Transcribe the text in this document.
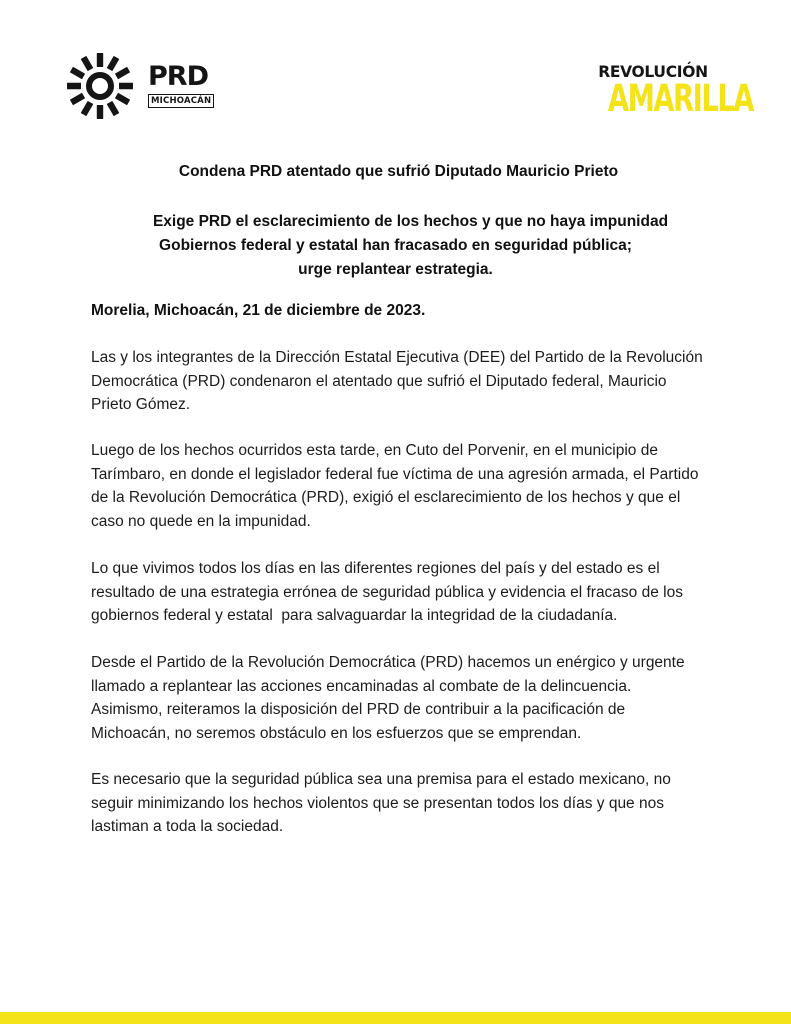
PRD
MICHOACÁN
REVOLUCIÓN
AMARILLA
Condena PRD atentado que sufrió Diputado Mauricio Prieto
Exige PRD el esclarecimiento de los hechos y que no haya impunidad
Gobiernos federal y estatal han fracasado en seguridad pública;
urge replantear estrategia.
Morelia, Michoacán, 21 de diciembre de 2023.
Las y los integrantes de la Dirección Estatal Ejecutiva (DEE) del Partido de la Revolución
Democrática (PRD) condenaron el atentado que sufrió el Diputado federal, Mauricio
Prieto Gómez.
Luego de los hechos ocurridos esta tarde, en Cuto del Porvenir, en el municipio de
Tarímbaro, en donde el legislador federal fue víctima de una agresión armada, el Partido
de la Revolución Democrática (PRD), exigió el esclarecimiento de los hechos y que el
caso no quede en la impunidad.
Lo que vivimos todos los días en las diferentes regiones del país y del estado es el
resultado de una estrategia errónea de seguridad pública y evidencia el fracaso de los
gobiernos federal y estatal  para salvaguardar la integridad de la ciudadanía.
Desde el Partido de la Revolución Democrática (PRD) hacemos un enérgico y urgente
llamado a replantear las acciones encaminadas al combate de la delincuencia.
Asimismo, reiteramos la disposición del PRD de contribuir a la pacificación de
Michoacán, no seremos obstáculo en los esfuerzos que se emprendan.
Es necesario que la seguridad pública sea una premisa para el estado mexicano, no
seguir minimizando los hechos violentos que se presentan todos los días y que nos
lastiman a toda la sociedad.
